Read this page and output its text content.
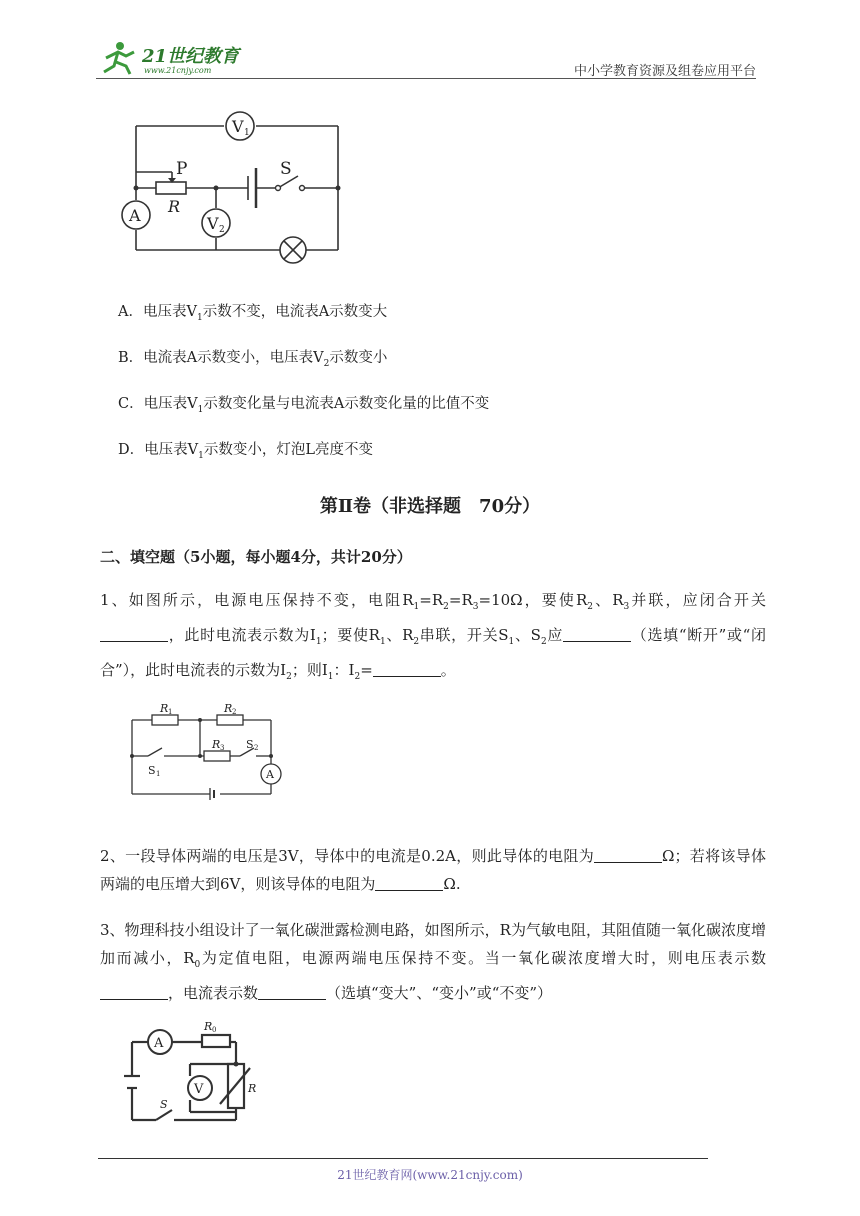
21世纪教育
www.21cnjy.com	中小学教育资源及组卷应用平台
V 1
A	V 2
P
R
S
A．电压表$V_1$示数不变，电流表A示数变大
B．电流表A示数变小，电压表$V_2$示数变小
C．电压表$V_1$示数变化量与电流表A示数变化量的比值不变
D．电压表$V_1$示数变小，灯泡L亮度不变
第Ⅱ卷（非选择题　70分）
二、填空题（5小题，每小题4分，共计20分）
1、如图所示，电源电压保持不变，电阻$R_1=R_2=R_3=10\Omega$，要使$R_2$、$R_3$并联，应闭合开关，此时电流表示数为$I_1$；要使$R_1$、$R_2$串联，开关$S_1$、$S_2$应	（选填“断开”或“闭合”），此时电流表的示数为$I_2$；则$I_1$：$I_2=$	。
A
R 1	R 2
R 3
S 1
S 2
2、一段导体两端的电压是3V，导体中的电流是0.2A，则此导体的电阻为	Ω；若将该导体两端的电压增大到6V，则该导体的电阻为	Ω.
3、物理科技小组设计了一氧化碳泄露检测电路，如图所示，R为气敏电阻，其阻值随一氧化碳浓度增加而减小，$R_0$为定值电阻，电源两端电压保持不变。当一氧化碳浓度增大时，则电压表示数，电流表示数	（选填“变大”、“变小”或“不变”）
A
V
R 0
R
S
21世纪教育网(www.21cnjy.com)
